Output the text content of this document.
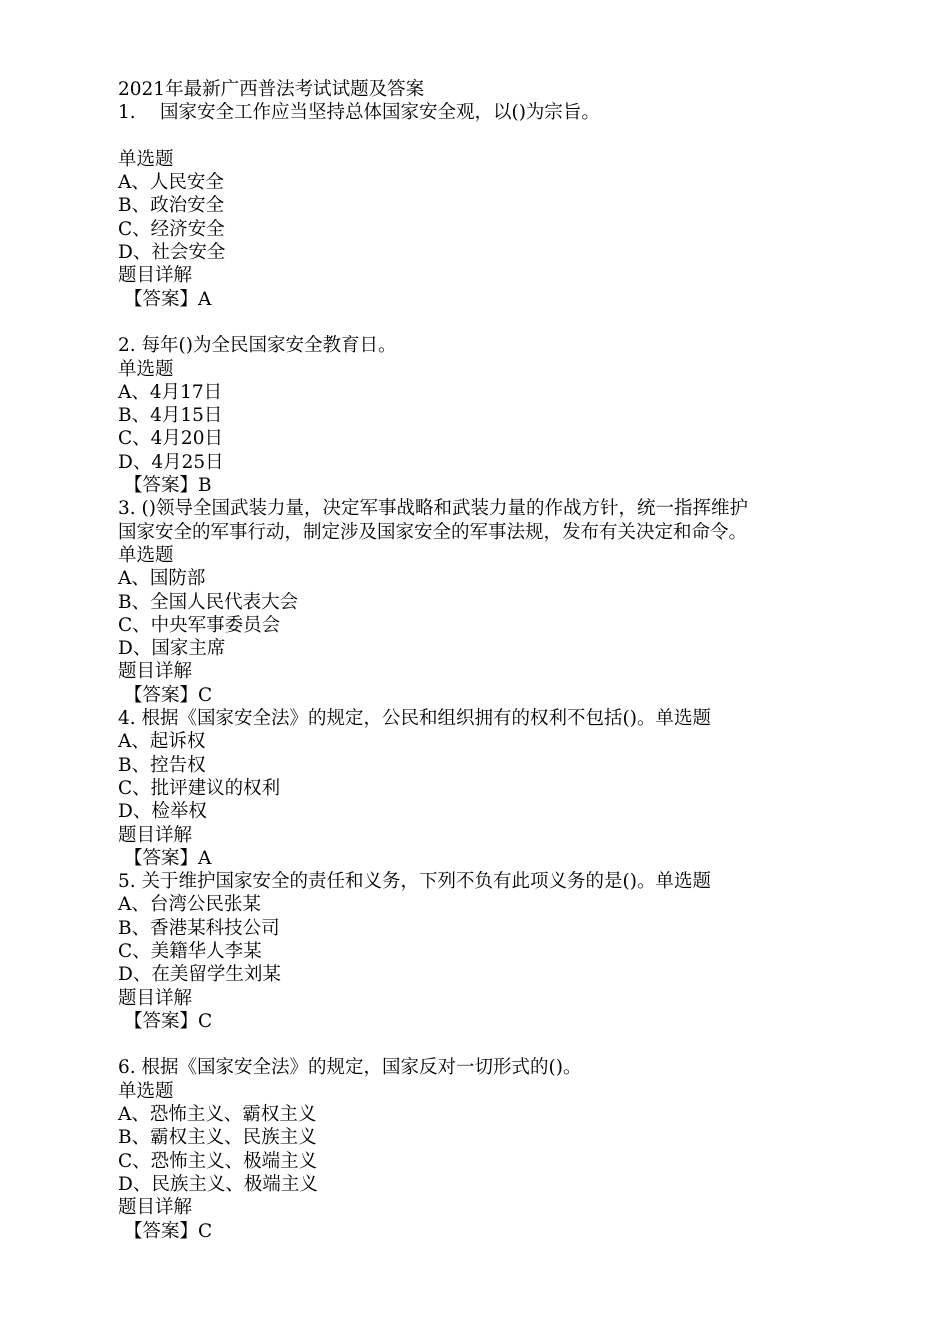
2021年最新广西普法考试试题及答案
1. 国家安全工作应当坚持总体国家安全观，以()为宗旨。
单选题
A、人民安全
B、政治安全
C、经济安全
D、社会安全
题目详解
【答案】A
2. 每年()为全民国家安全教育日。
单选题
A、4月17日
B、4月15日
C、4月20日
D、4月25日
【答案】B
3. ()领导全国武装力量，决定军事战略和武装力量的作战方针，统一指挥维护
国家安全的军事行动，制定涉及国家安全的军事法规，发布有关决定和命令。
单选题
A、国防部
B、全国人民代表大会
C、中央军事委员会
D、国家主席
题目详解
【答案】C
4. 根据《国家安全法》的规定，公民和组织拥有的权利不包括()。单选题
A、起诉权
B、控告权
C、批评建议的权利
D、检举权
题目详解
【答案】A
5. 关于维护国家安全的责任和义务，下列不负有此项义务的是()。单选题
A、台湾公民张某
B、香港某科技公司
C、美籍华人李某
D、在美留学生刘某
题目详解
【答案】C
6. 根据《国家安全法》的规定，国家反对一切形式的()。
单选题
A、恐怖主义、霸权主义
B、霸权主义、民族主义
C、恐怖主义、极端主义
D、民族主义、极端主义
题目详解
【答案】C
